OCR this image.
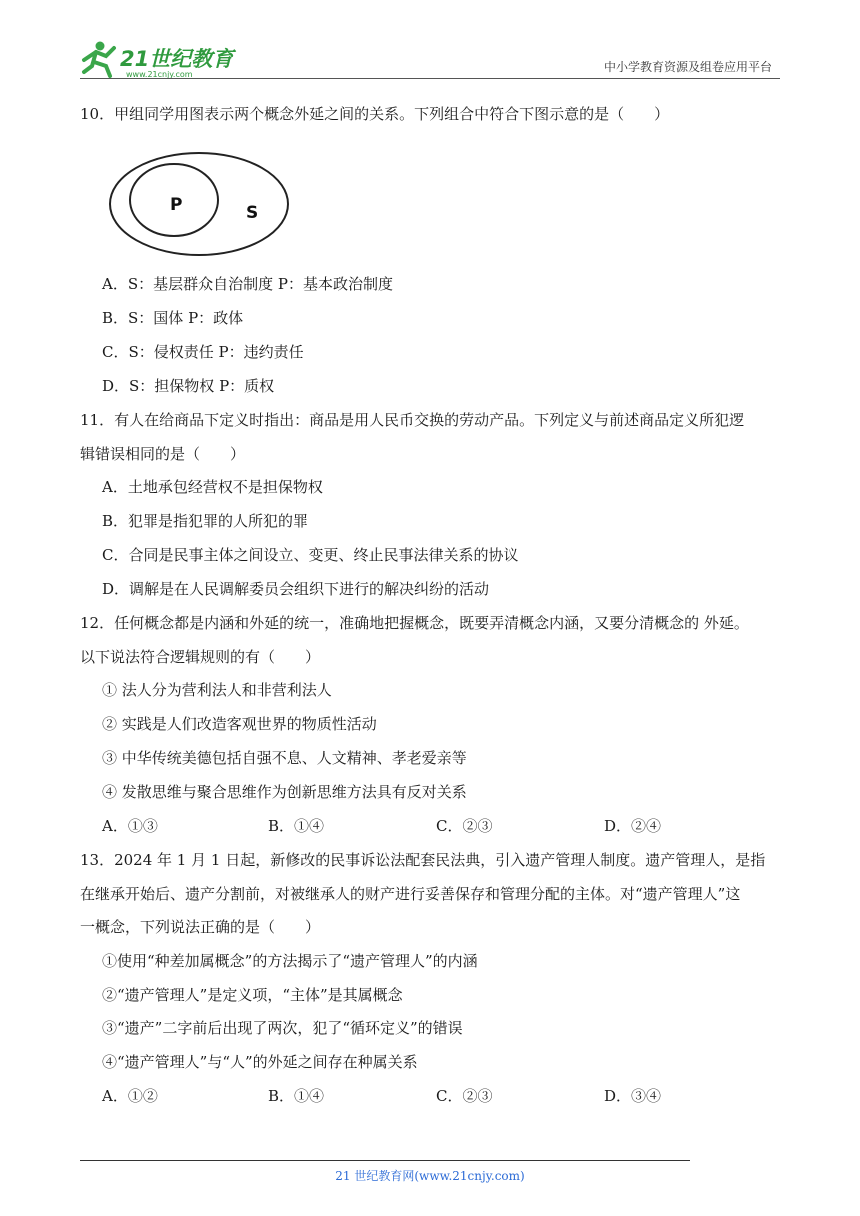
21世纪教育
www.21cnjy.com
中小学教育资源及组卷应用平台
10．甲组同学用图表示两个概念外延之间的关系。下列组合中符合下图示意的是（　　）
P	S
A．S：基层群众自治制度 P：基本政治制度
B．S：国体 P：政体
C．S：侵权责任 P：违约责任
D．S：担保物权 P：质权
11．有人在给商品下定义时指出：商品是用人民币交换的劳动产品。下列定义与前述商品定义所犯逻
辑错误相同的是（　　）
A．土地承包经营权不是担保物权
B．犯罪是指犯罪的人所犯的罪
C．合同是民事主体之间设立、变更、终止民事法律关系的协议
D．调解是在人民调解委员会组织下进行的解决纠纷的活动
12．任何概念都是内涵和外延的统一，准确地把握概念，既要弄清概念内涵，又要分清概念的 外延。
以下说法符合逻辑规则的有（　　）
① 法人分为营利法人和非营利法人
② 实践是人们改造客观世界的物质性活动
③ 中华传统美德包括自强不息、人文精神、孝老爱亲等
④ 发散思维与聚合思维作为创新思维方法具有反对关系
A．①③	B．①④	C．②③	D．②④
13．2024 年 1 月 1 日起，新修改的民事诉讼法配套民法典，引入遗产管理人制度。遗产管理人，是指
在继承开始后、遗产分割前，对被继承人的财产进行妥善保存和管理分配的主体。对“遗产管理人”这
一概念，下列说法正确的是（　　）
①使用“种差加属概念”的方法揭示了“遗产管理人”的内涵
②“遗产管理人”是定义项，“主体”是其属概念
③“遗产”二字前后出现了两次，犯了“循环定义”的错误
④“遗产管理人”与“人”的外延之间存在种属关系
A．①②	B．①④	C．②③	D．③④
21 世纪教育网(www.21cnjy.com)
